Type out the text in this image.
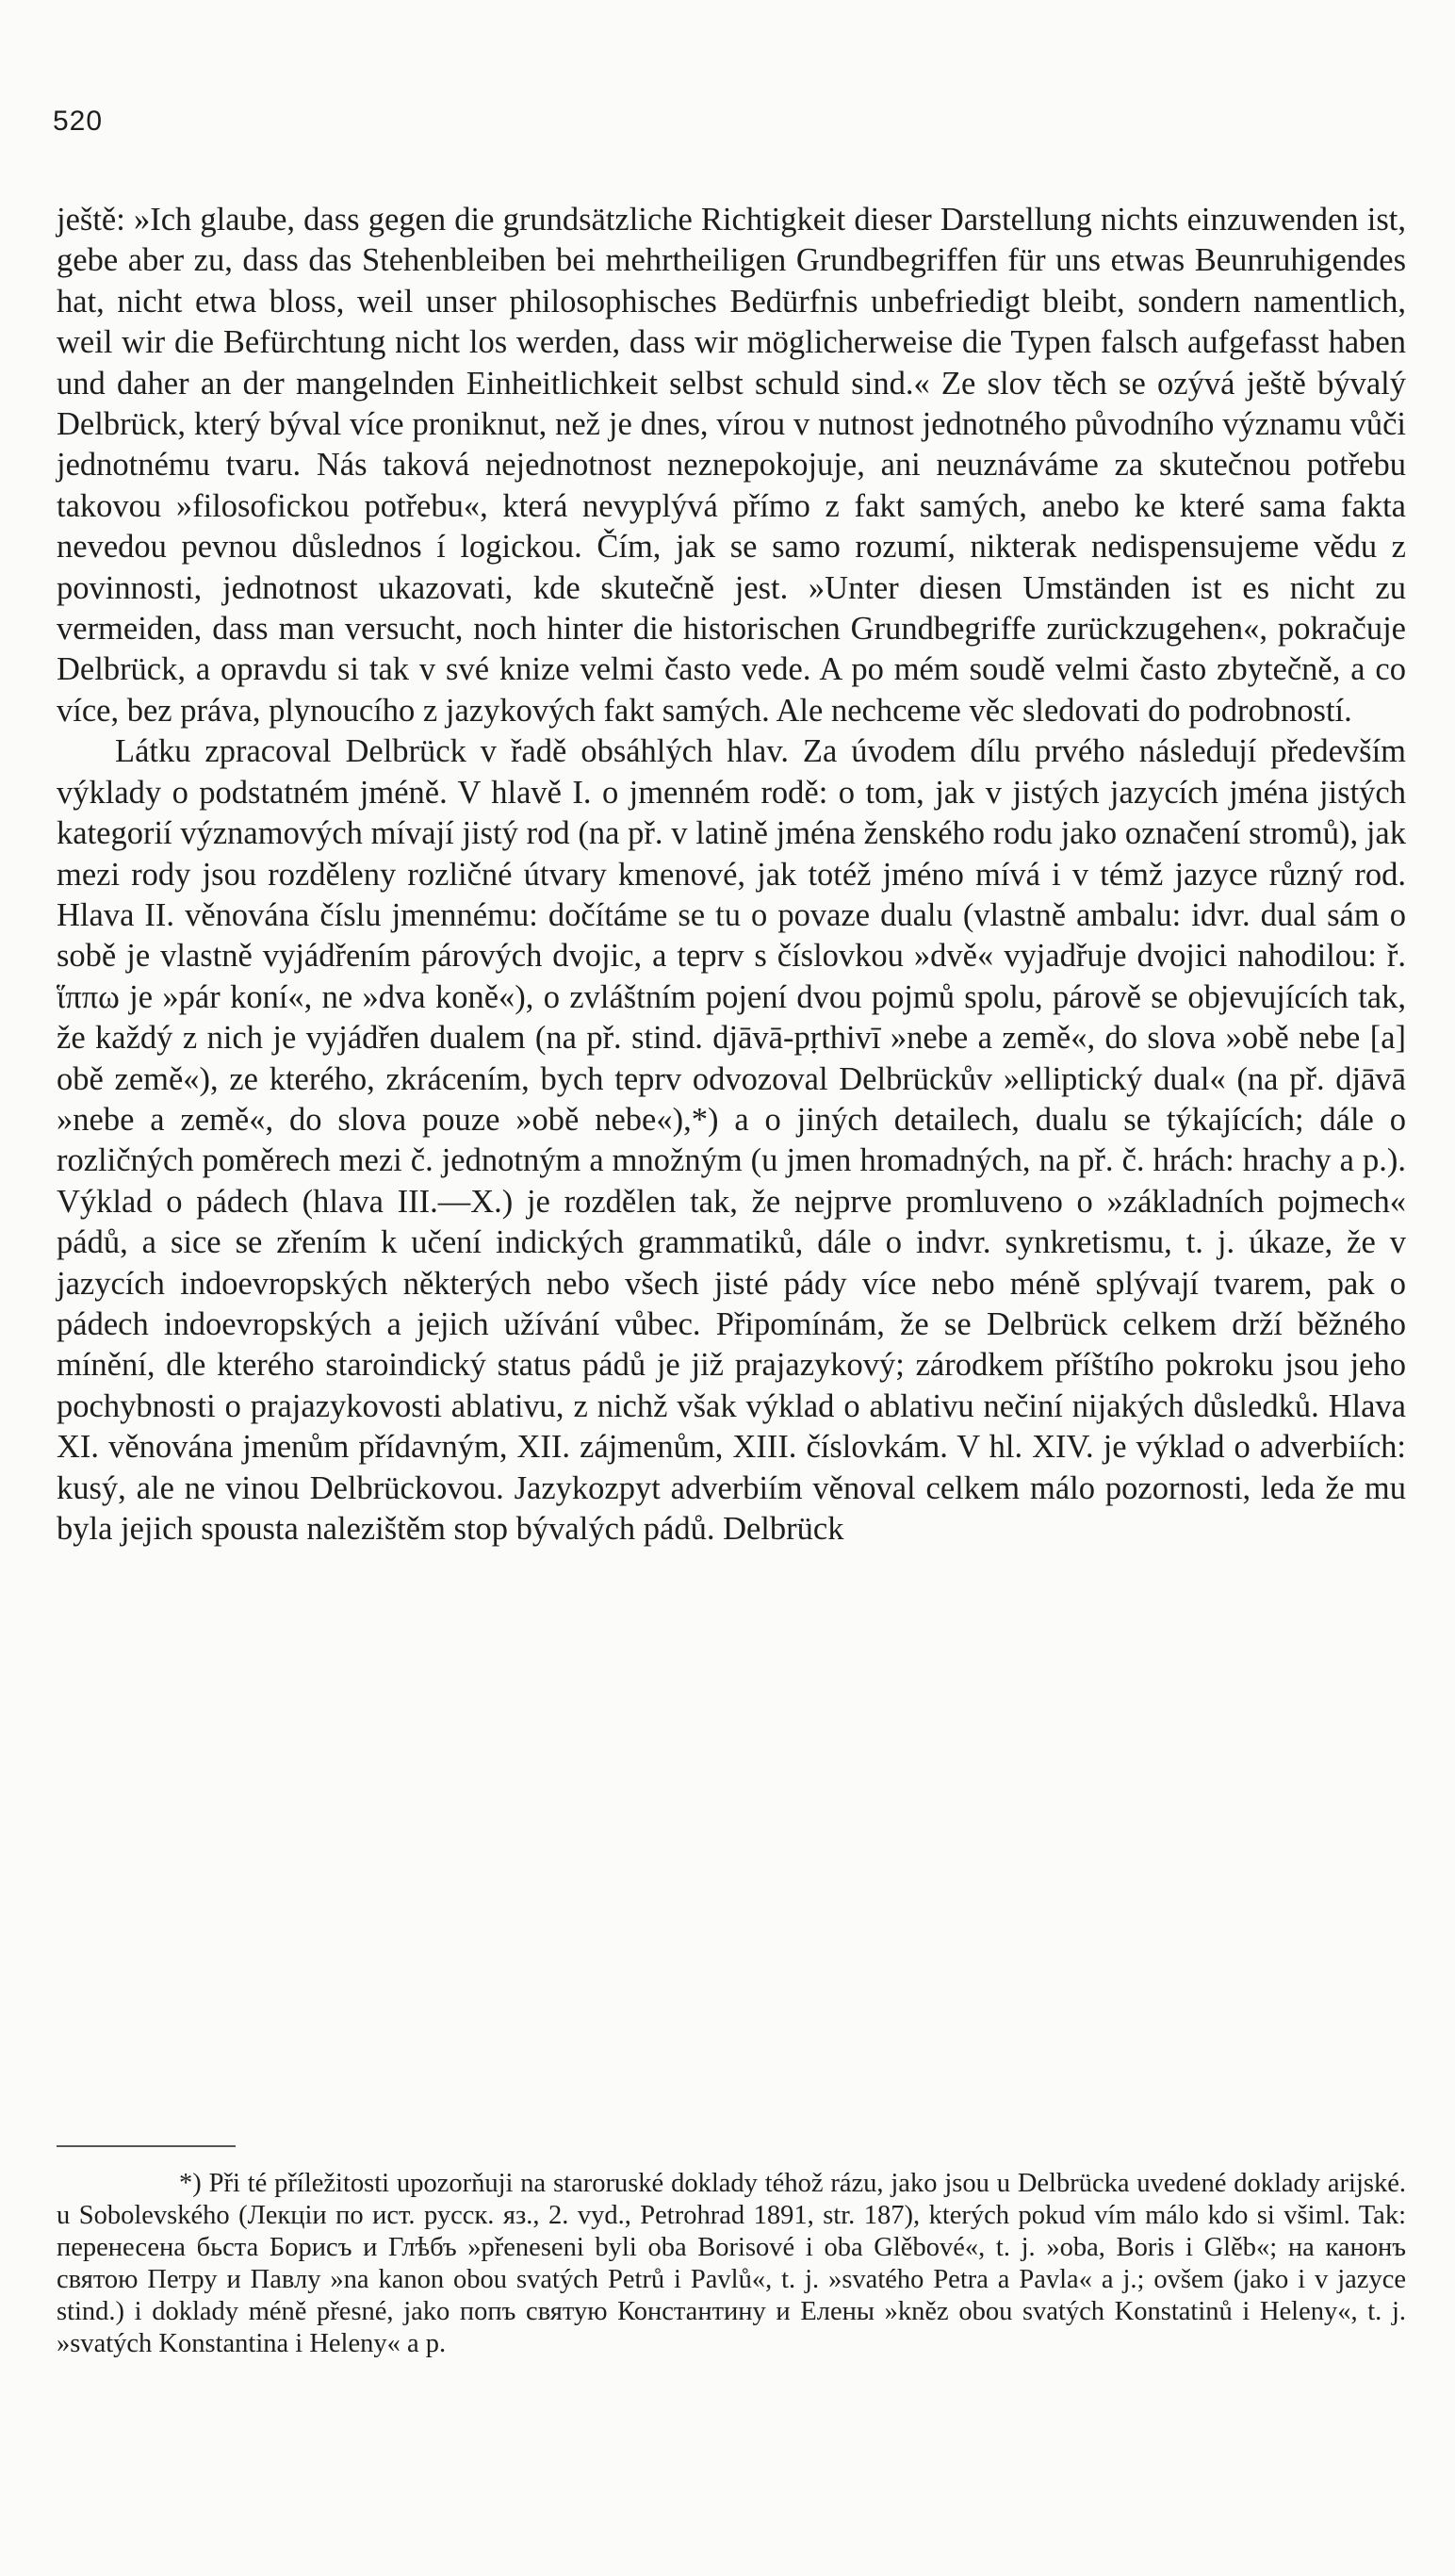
520

ještě: »Ich glaube, dass gegen die grundsätzliche Richtigkeit dieser Darstellung nichts einzuwenden ist, gebe aber zu, dass das Stehenbleiben bei mehrtheiligen Grundbegriffen für uns etwas Beunruhigendes hat, nicht etwa bloss, weil unser philosophisches Bedürfnis unbefriedigt bleibt, sondern namentlich, weil wir die Befürchtung nicht los werden, dass wir möglicherweise die Typen falsch aufgefasst haben und daher an der mangelnden Einheitlichkeit selbst schuld sind.« Ze slov těch se ozývá ještě bývalý Delbrück, který býval více proniknut, než je dnes, vírou v nutnost jednotného původního významu vůči jednotnému tvaru. Nás taková nejednotnost neznepokojuje, ani neuznáváme za skutečnou potřebu takovou »filosofickou potřebu«, která nevyplývá přímo z fakt samých, anebo ke které sama fakta nevedou pevnou důslednos í logickou. Čím, jak se samo rozumí, nikterak nedispensujeme vědu z povinnosti, jednotnost ukazovati, kde skutečně jest. »Unter diesen Umständen ist es nicht zu vermeiden, dass man versucht, noch hinter die historischen Grundbegriffe zurückzugehen«, pokračuje Delbrück, a opravdu si tak v své knize velmi často vede. A po mém soudě velmi často zbytečně, a co více, bez práva, plynoucího z jazykových fakt samých. Ale nechceme věc sledovati do podrobností.

Látku zpracoval Delbrück v řadě obsáhlých hlav. Za úvodem dílu prvého následují především výklady o podstatném jméně. V hlavě I. o jmenném rodě: o tom, jak v jistých jazycích jména jistých kategorií významových mívají jistý rod (na př. v latině jména ženského rodu jako označení stromů), jak mezi rody jsou rozděleny rozličné útvary kmenové, jak totéž jméno mívá i v témž jazyce různý rod. Hlava II. věnována číslu jmennému: dočítáme se tu o povaze dualu (vlastně ambalu: idvr. dual sám o sobě je vlastně vyjádřením párových dvojic, a teprv s číslovkou »dvě« vyjadřuje dvojici nahodilou: ř. ἵππω je »pár koní«, ne »dva koně«), o zvláštním pojení dvou pojmů spolu, párově se objevujících tak, že každý z nich je vyjádřen dualem (na př. stind. djāvā-pṛthivī »nebe a země«, do slova »obě nebe [a] obě země«), ze kterého, zkrácením, bych teprv odvozoval Delbrückův »elliptický dual« (na př. djāvā »nebe a země«, do slova pouze »obě nebe«),*) a o jiných detailech, dualu se týkajících; dále o rozličných poměrech mezi č. jednotným a množným (u jmen hromadných, na př. č. hrách: hrachy a p.). Výklad o pádech (hlava III.—X.) je rozdělen tak, že nejprve promluveno o »základních pojmech« pádů, a sice se zřením k učení indických grammatiků, dále o indvr. synkretismu, t. j. úkaze, že v jazycích indoevropských některých nebo všech jisté pády více nebo méně splývají tvarem, pak o pádech indoevropských a jejich užívání vůbec. Připomínám, že se Delbrück celkem drží běžného mínění, dle kterého staroindický status pádů je již prajazykový; zárodkem příštího pokroku jsou jeho pochybnosti o prajazykovosti ablativu, z nichž však výklad o ablativu nečiní nijakých důsledků. Hlava XI. věnována jmenům přídavným, XII. zájmenům, XIII. číslovkám. V hl. XIV. je výklad o adverbiích: kusý, ale ne vinou Delbrückovou. Jazykozpyt adverbiím věnoval celkem málo pozornosti, leda že mu byla jejich spousta nalezištěm stop bývalých pádů. Delbrück

*) Při té příležitosti upozorňuji na staroruské doklady téhož rázu, jako jsou u Delbrücka uvedené doklady arijské. u Sobolevského (Лекціи по ист. русск. яз., 2. vyd., Petrohrad 1891, str. 187), kterých pokud vím málo kdo si všiml. Tak: перенесена бьста Борисъ и Глѣбъ »přeneseni byli oba Borisové i oba Glěbové«, t. j. »oba, Boris i Glěb«; на канонъ святою Петру и Павлу »na kanon obou svatých Petrů i Pavlů«, t. j. »svatého Petra a Pavla« a j.; ovšem (jako i v jazyce stind.) i doklady méně přesné, jako попъ святую Константину и Елены »kněz obou svatých Konstatinů i Heleny«, t. j. »svatých Konstantina i Heleny« a p.
